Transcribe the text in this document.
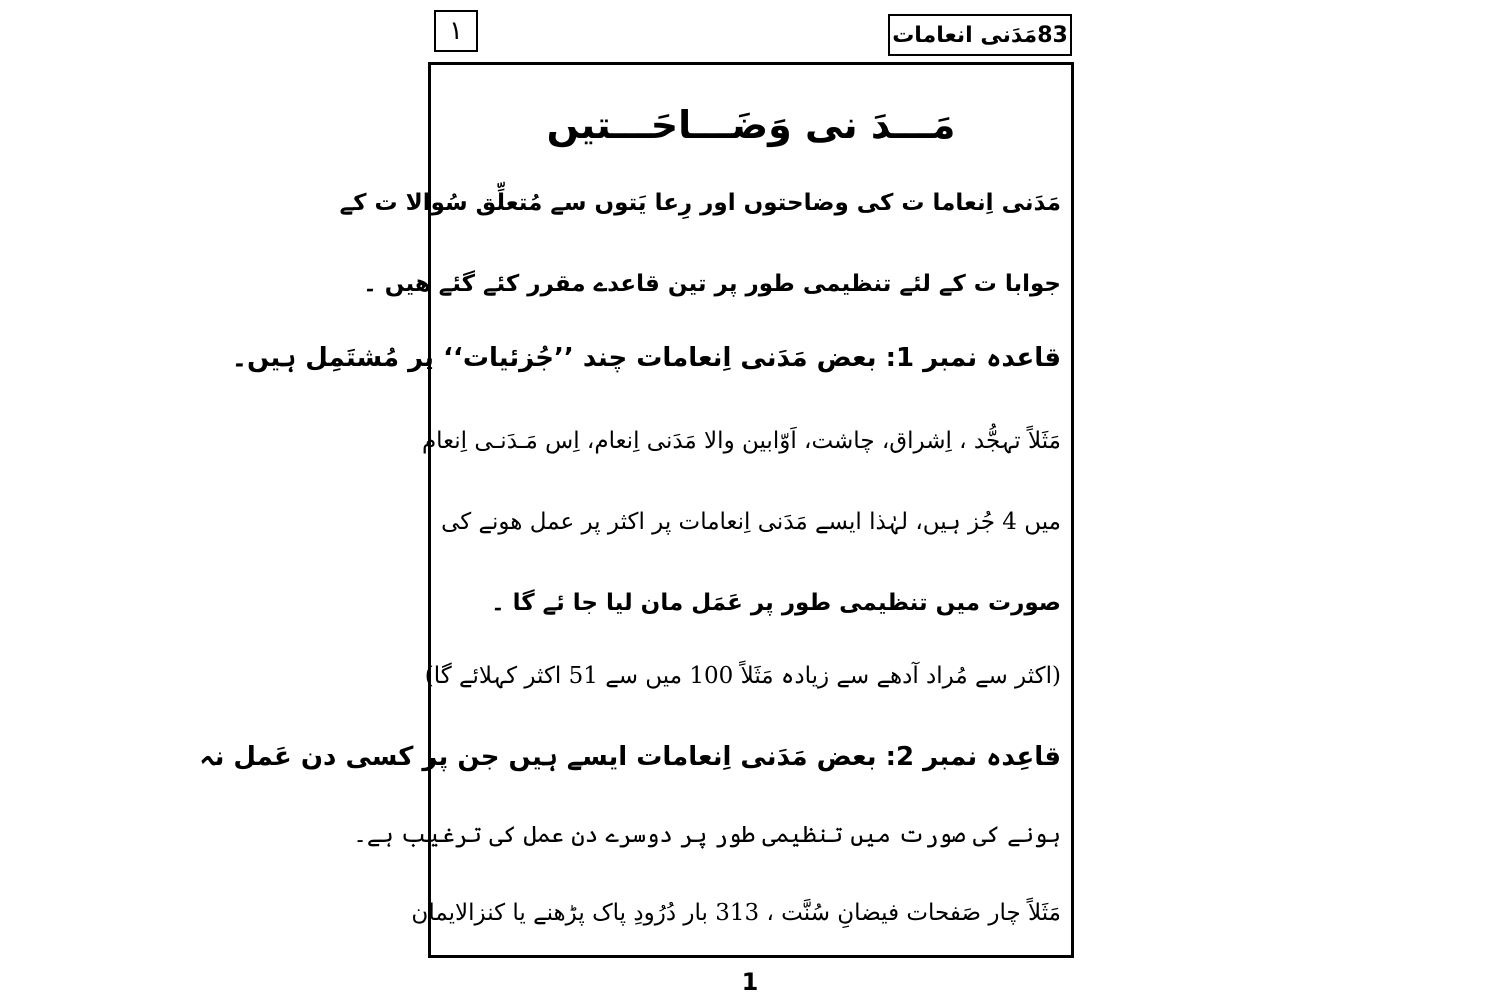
١	83مَدَنی انعامات
مَـــدَ نی وَضَـــاحَـــتیں
مَدَنی اِنعاما ت کی وضاحتوں اور رِعا یَتوں سے مُتعلِّق سُوالا ت کے
جوابا ت کے لئے تنظیمی طور پر تین قاعدے مقرر کئے گئے ھیں ۔
قاعدہ نمبر 1: بعض مَدَنی اِنعامات چند ’’جُزئیات‘‘ پر مُشتَمِل ہیں۔
مَثَلاً تہجُّد ، اِشراق، چاشت، اَوّابین والا مَدَنی اِنعام، اِس مَـدَنـی اِنعام
میں 4 جُز ہیں، لہٰذا ایسے مَدَنی اِنعامات پر اکثر پر عمل ھونے کی
صورت میں تنظیمی طور پر عَمَل مان لیا جا ئے گا ۔
(اکثر سے مُراد آدھے سے زیادہ مَثَلاً 100 میں سے 51 اکثر کہلائے گا)
قاعِدہ نمبر 2: بعض مَدَنی اِنعامات ایسے ہیں جن پر کسی دن عَمل نہ
ہونے کی صورت میں تنظیمی طور پر دوسرے دن عمل کی ترغیب ہے۔
مَثَلاً چار صَفحات فیضانِ سُنَّت ، 313 بار دُرُودِ پاک پڑھنے یا کنزالایمان
1
